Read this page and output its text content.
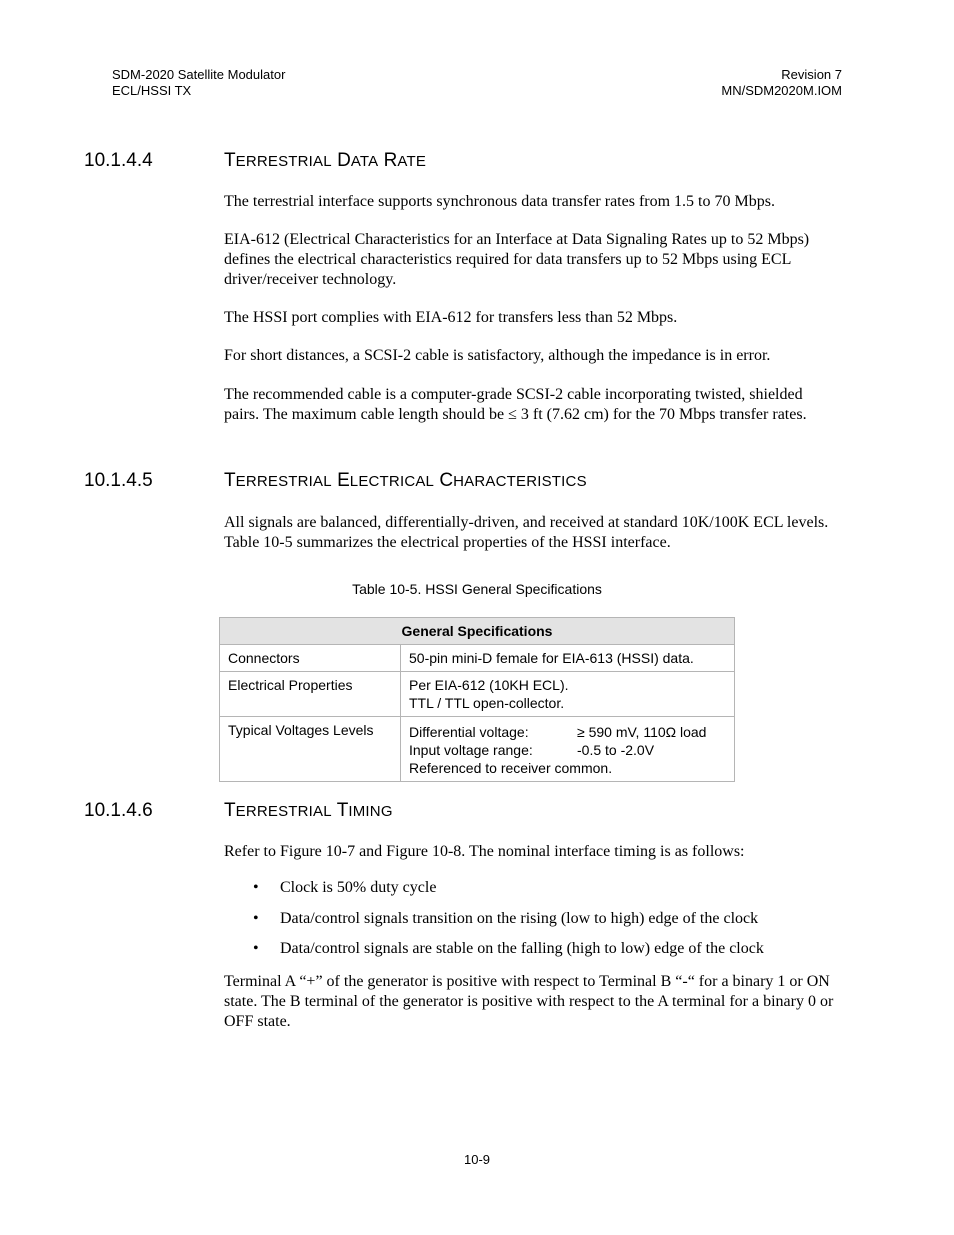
SDM-2020 Satellite Modulator
ECL/HSSI TX
Revision 7
MN/SDM2020M.IOM
10.1.4.4	TERRESTRIAL DATA RATE

The terrestrial interface supports synchronous data transfer rates from 1.5 to 70 Mbps.

EIA-612 (Electrical Characteristics for an Interface at Data Signaling Rates up to 52 Mbps) defines the electrical characteristics required for data transfers up to 52 Mbps using ECL driver/receiver technology.

The HSSI port complies with EIA-612 for transfers less than 52 Mbps.

For short distances, a SCSI-2 cable is satisfactory, although the impedance is in error.

The recommended cable is a computer-grade SCSI-2 cable incorporating twisted, shielded pairs. The maximum cable length should be ≤ 3 ft (7.62 cm) for the 70 Mbps transfer rates.

10.1.4.5	TERRESTRIAL ELECTRICAL CHARACTERISTICS

All signals are balanced, differentially-driven, and received at standard 10K/100K ECL levels. Table 10-5 summarizes the electrical properties of the HSSI interface.

Table 10-5. HSSI General Specifications
General Specifications	
Connectors	50-pin mini-D female for EIA-613 (HSSI) data.

Electrical Properties	Per EIA-612 (10KH ECL).
TTL / TTL open-collector.

Typical Voltages Levels	Differential voltage: ≥ 590 mV, 110Ω load
Input voltage range: -0.5 to -2.0V
Referenced to receiver common.
10.1.4.6	TERRESTRIAL TIMING

Refer to Figure 10-7 and Figure 10-8. The nominal interface timing is as follows:

• Clock is 50% duty cycle
• Data/control signals transition on the rising (low to high) edge of the clock
• Data/control signals are stable on the falling (high to low) edge of the clock

Terminal A “+” of the generator is positive with respect to Terminal B “-“ for a binary 1 or ON state. The B terminal of the generator is positive with respect to the A terminal for a binary 0 or OFF state.

10-9
